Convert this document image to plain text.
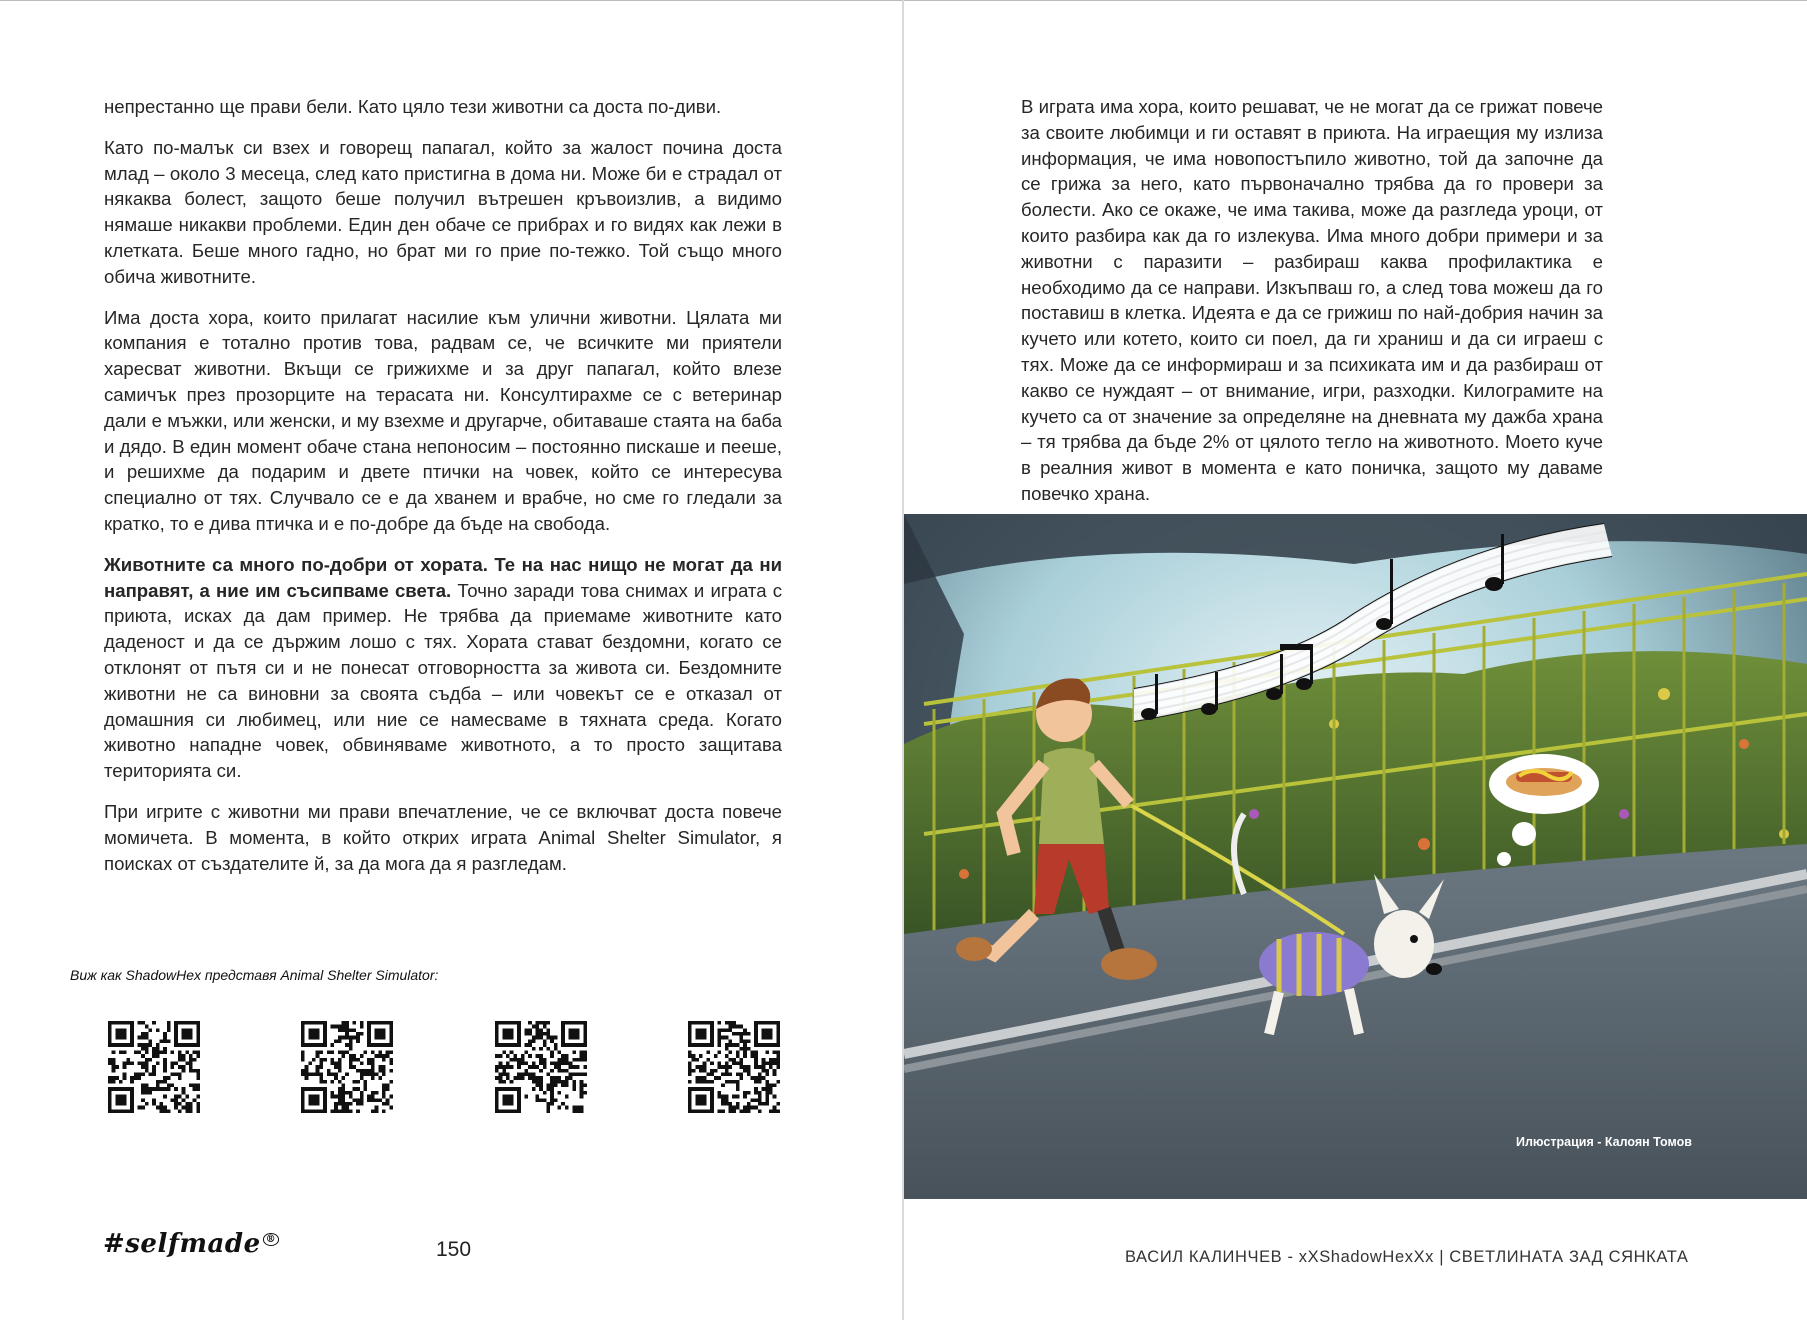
непрестанно ще прави бели. Като цяло тези животни са доста по-диви.

Като по-малък си взех и говорещ папагал, който за жалост почина доста млад – около 3 месеца, след като пристигна в дома ни. Може би е страдал от някаква болест, защото беше получил вътрешен кръвоизлив, а видимо нямаше никакви проблеми. Един ден обаче се прибрах и го видях как лежи в клетката. Беше много гадно, но брат ми го прие по-тежко. Той също много обича животните.

Има доста хора, които прилагат насилие към улични животни. Цялата ми компания е тотално против това, радвам се, че всичките ми приятели харесват животни. Вкъщи се грижихме и за друг папагал, който влезе самичък през прозорците на терасата ни. Консултирахме се с ветеринар дали е мъжки, или женски, и му взехме и другарче, обитаваше стаята на баба и дядо. В един момент обаче стана непоносим – постоянно пискаше и пееше, и решихме да подарим и двете птички на човек, който се интересува специално от тях. Случвало се е да хванем и врабче, но сме го гледали за кратко, то е дива птичка и е по-добре да бъде на свобода.

Животните са много по-добри от хората. Те на нас нищо не могат да ни направят, а ние им съсипваме света. Точно заради това снимах и играта с приюта, исках да дам пример. Не трябва да приемаме животните като даденост и да се държим лошо с тях. Хората стават бездомни, когато се отклонят от пътя си и не понесат отговорността за живота си. Бездомните животни не са виновни за своята съдба – или човекът се е отказал от домашния си любимец, или ние се намесваме в тяхната среда. Когато животно нападне човек, обвиняваме животното, а то просто защитава територията си.

При игрите с животни ми прави впечатление, че се включват доста повече момичета. В момента, в който открих играта Animal Shelter Simulator, я поисках от създателите й, за да мога да я разгледам.

Виж как ShadowHex представя Animal Shelter Simulator:
#selfmade ®	150

В играта има хора, които решават, че не могат да се грижат повече за своите любимци и ги оставят в приюта. На играещия му излиза информация, че има новопостъпило животно, той да започне да се грижа за него, като първоначално трябва да го провери за болести. Ако се окаже, че има такива, може да разгледа уроци, от които разбира как да го излекува. Има много добри примери и за животни с паразити – разбираш каква профилактика е необходимо да се направи. Изкъпваш го, а след това можеш да го поставиш в клетка. Идеята е да се грижиш по най-добрия начин за кучето или котето, които си поел, да ги храниш и да си играеш с тях. Може да се информираш и за психиката им и да разбираш от какво се нуждаят – от внимание, игри, разходки. Килограмите на кучето са от значение за определяне на дневната му дажба храна – тя трябва да бъде 2% от цялото тегло на животното. Моето куче в реалния живот в момента е като поничка, защото му даваме повечко храна.

Илюстрация - Калоян Томов
ВАСИЛ КАЛИНЧЕВ - xXShadowHexXx | СВЕТЛИНАТА ЗАД СЯНКАТА
